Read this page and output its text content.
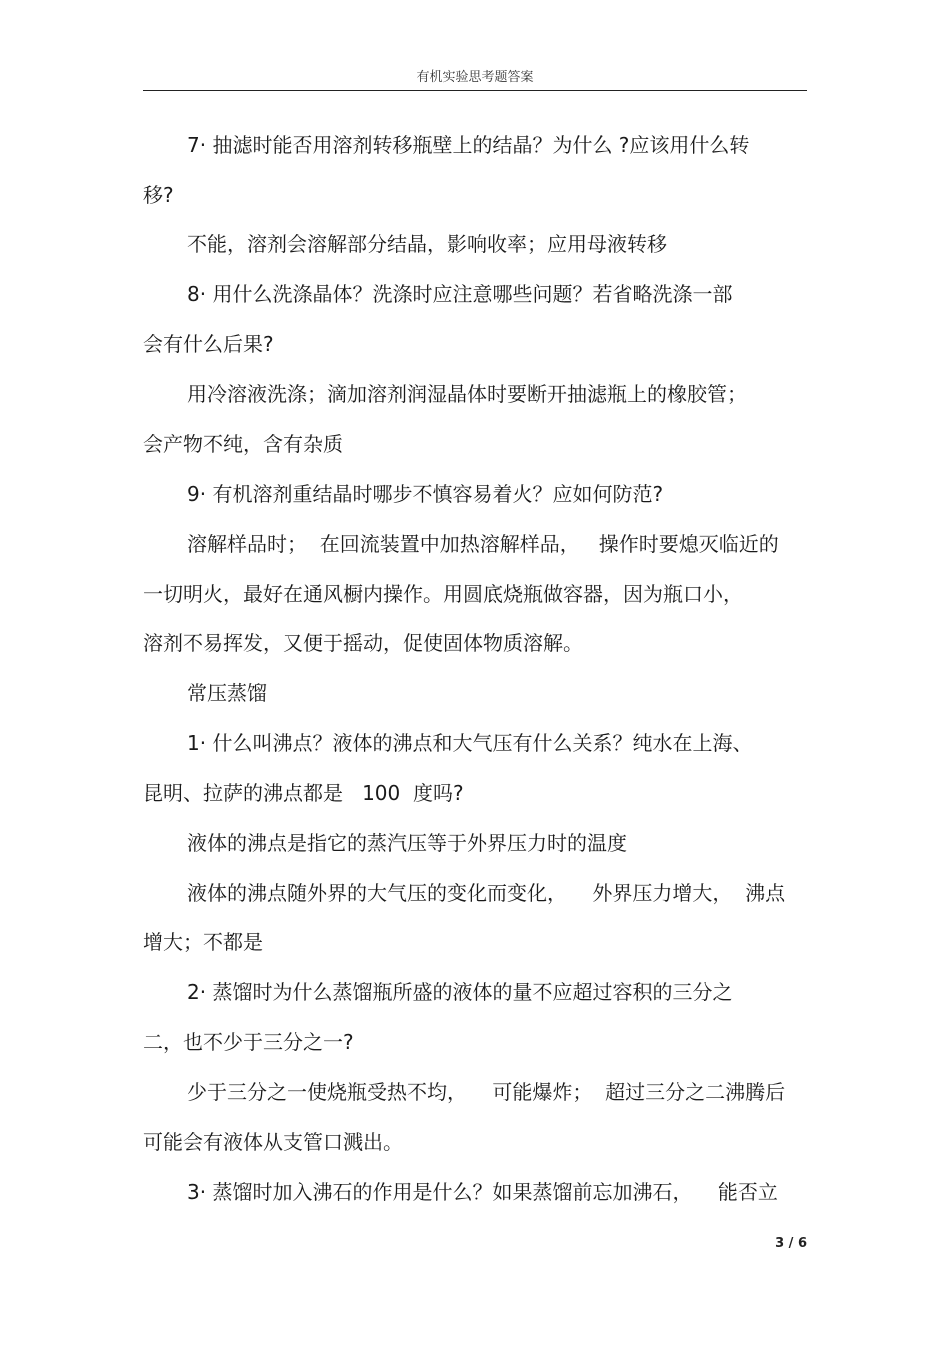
有机实验思考题答案
7· 抽滤时能否用溶剂转移瓶壁上的结晶？为什么 ?应该用什么转
移?
不能，溶剂会溶解部分结晶，影响收率；应用母液转移
8· 用什么洗涤晶体？洗涤时应注意哪些问题？若省略洗涤一部
会有什么后果?
用冷溶液洗涤；滴加溶剂润湿晶体时要断开抽滤瓶上的橡胶管；
会产物不纯，含有杂质
9· 有机溶剂重结晶时哪步不慎容易着火？应如何防范?
溶解样品时；  在回流装置中加热溶解样品，   操作时要熄灭临近的
一切明火，最好在通风橱内操作。用圆底烧瓶做容器，因为瓶口小，
溶剂不易挥发，又便于摇动，促使固体物质溶解。
常压蒸馏
1· 什么叫沸点？液体的沸点和大气压有什么关系？纯水在上海、
昆明、拉萨的沸点都是   100  度吗?
液体的沸点是指它的蒸汽压等于外界压力时的温度
液体的沸点随外界的大气压的变化而变化，    外界压力增大，  沸点
增大；不都是
2· 蒸馏时为什么蒸馏瓶所盛的液体的量不应超过容积的三分之
二，也不少于三分之一?
少于三分之一使烧瓶受热不均，    可能爆炸；  超过三分之二沸腾后
可能会有液体从支管口溅出。
3· 蒸馏时加入沸石的作用是什么？如果蒸馏前忘加沸石，    能否立
3 / 6
